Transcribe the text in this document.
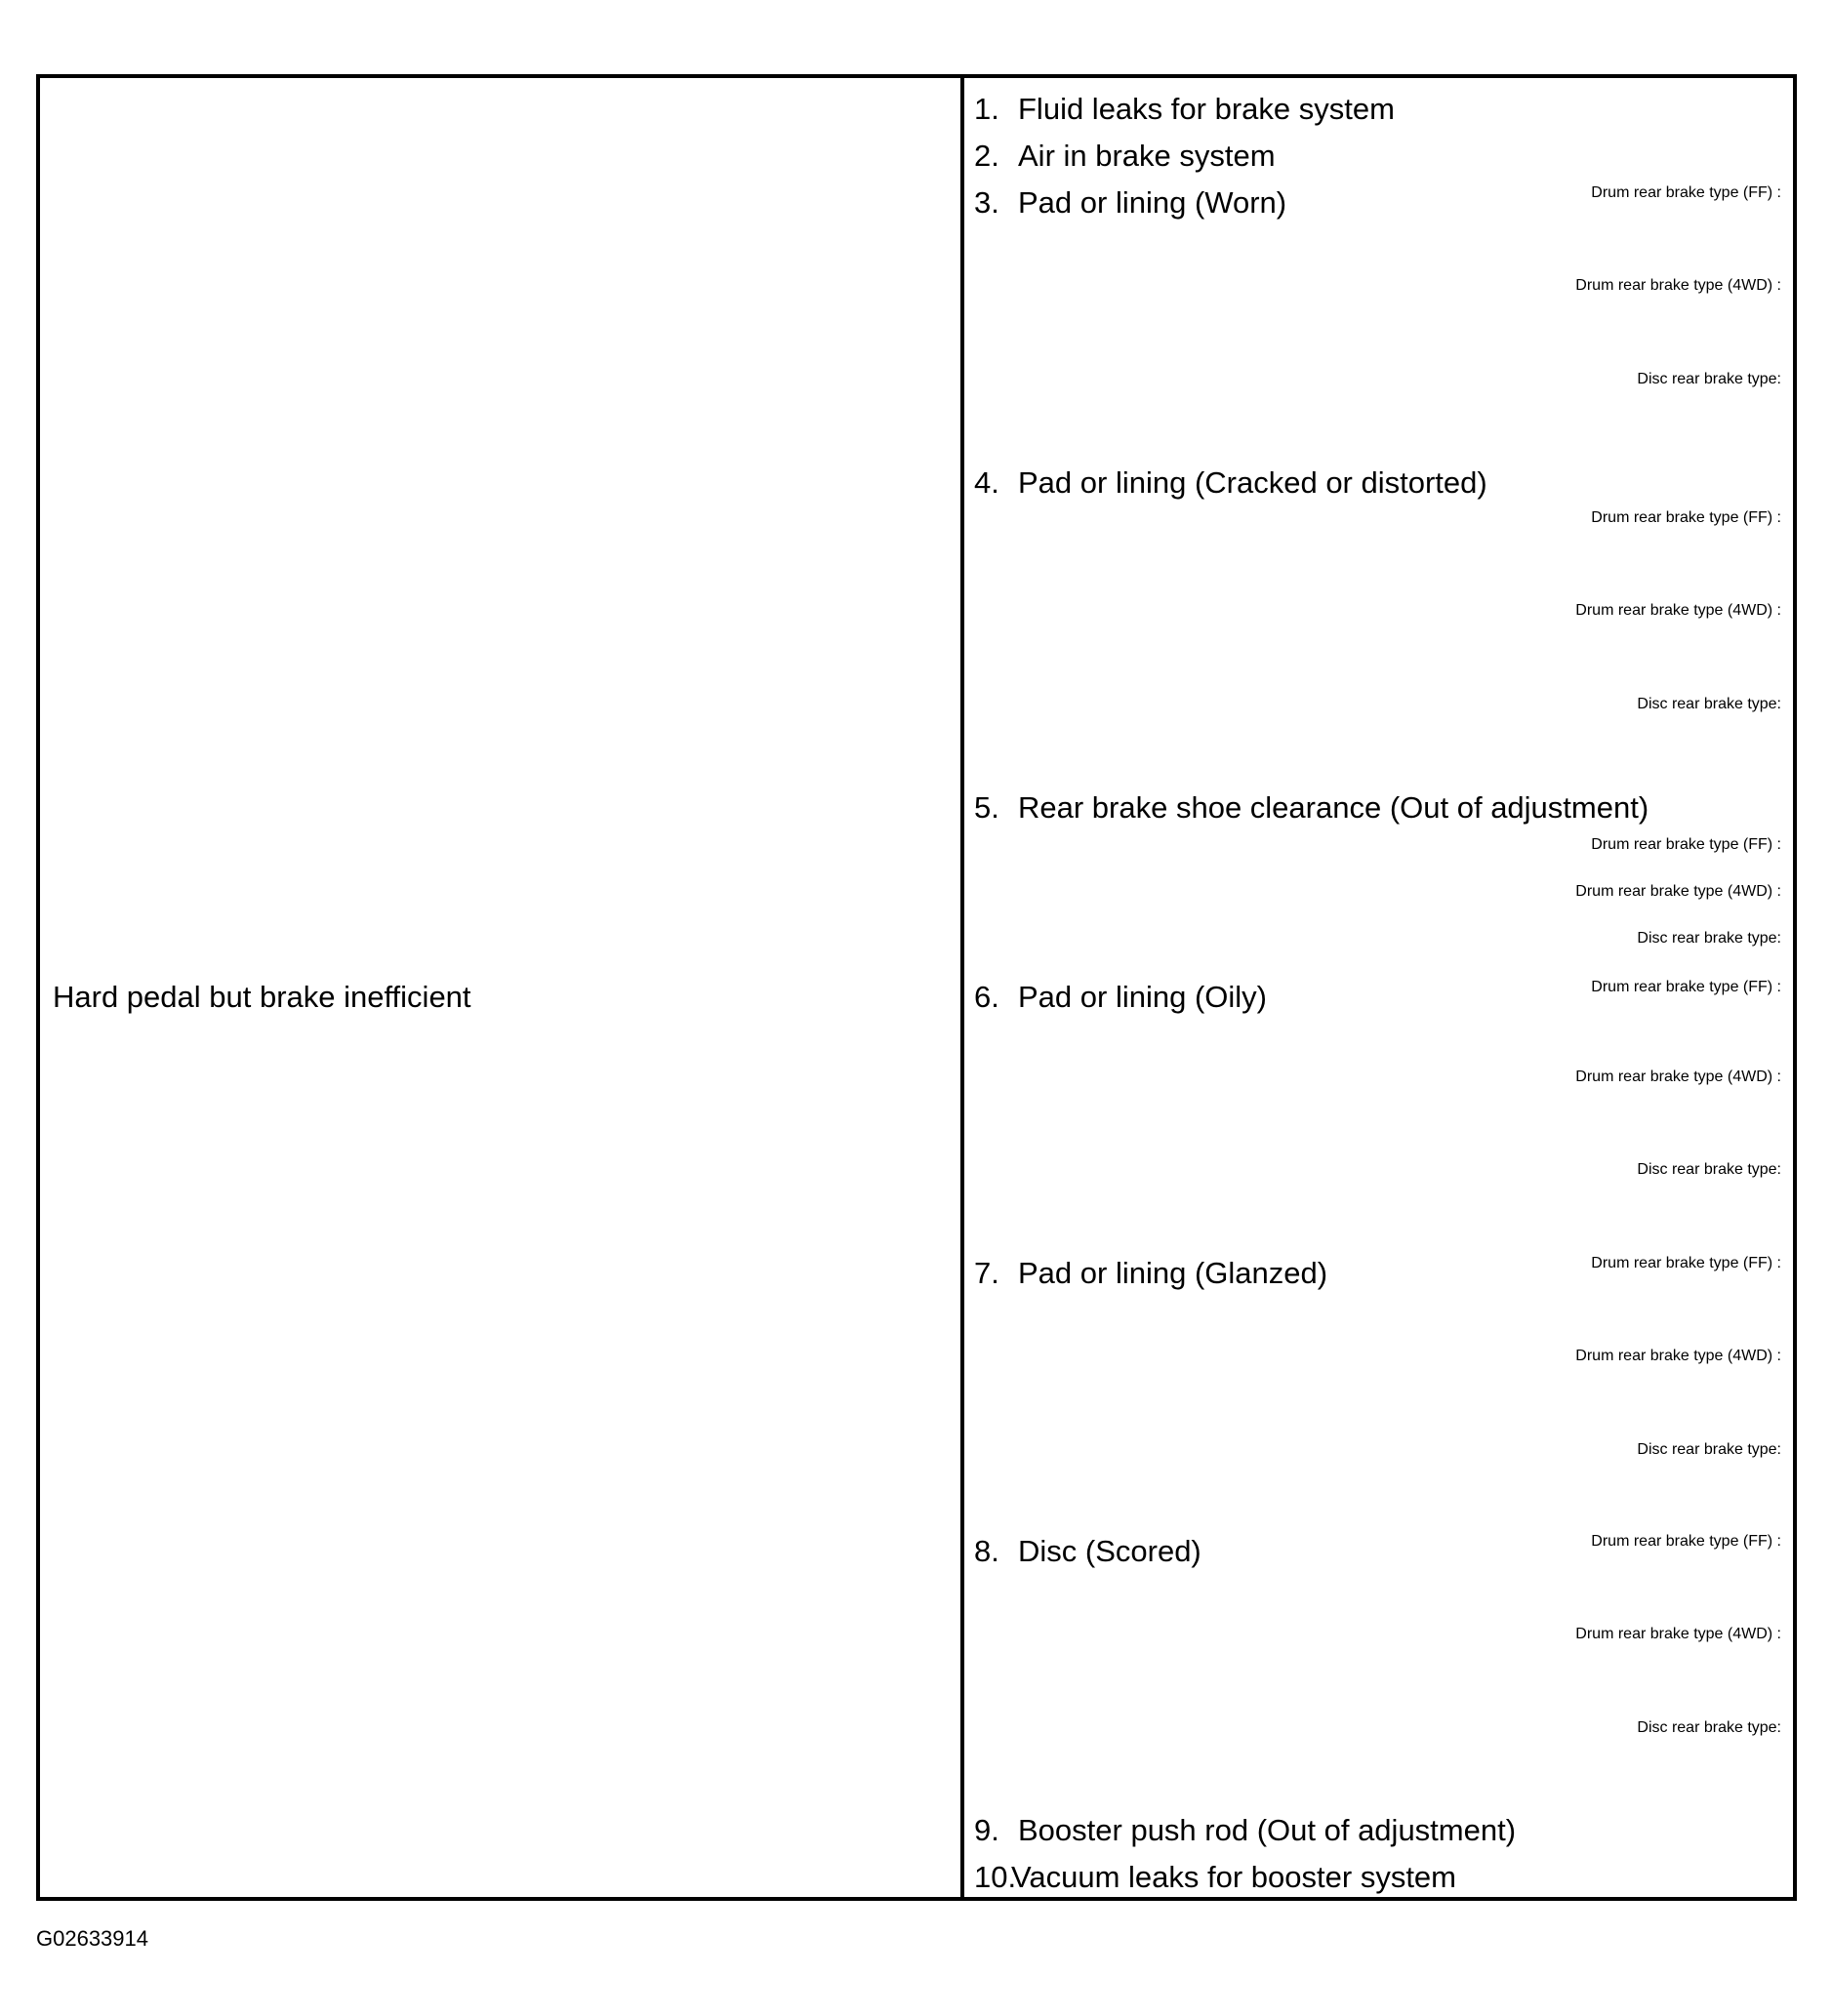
Hard pedal but brake inefficient
1. Fluid leaks for brake system
2. Air in brake system
3. Pad or lining (Worn)	Drum rear brake type (FF) :
Drum rear brake type (4WD) :
Disc rear brake type:
4. Pad or lining (Cracked or distorted)
Drum rear brake type (FF) :
Drum rear brake type (4WD) :
Disc rear brake type:
5. Rear brake shoe clearance (Out of adjustment)
Drum rear brake type (FF) :
Drum rear brake type (4WD) :
Disc rear brake type:
6. Pad or lining (Oily)	Drum rear brake type (FF) :
Drum rear brake type (4WD) :
Disc rear brake type:
7. Pad or lining (Glanzed)	Drum rear brake type (FF) :
Drum rear brake type (4WD) :
Disc rear brake type:
8. Disc (Scored)	Drum rear brake type (FF) :
Drum rear brake type (4WD) :
Disc rear brake type:
9. Booster push rod (Out of adjustment)
10.
Vacuum leaks for booster system
G02633914
